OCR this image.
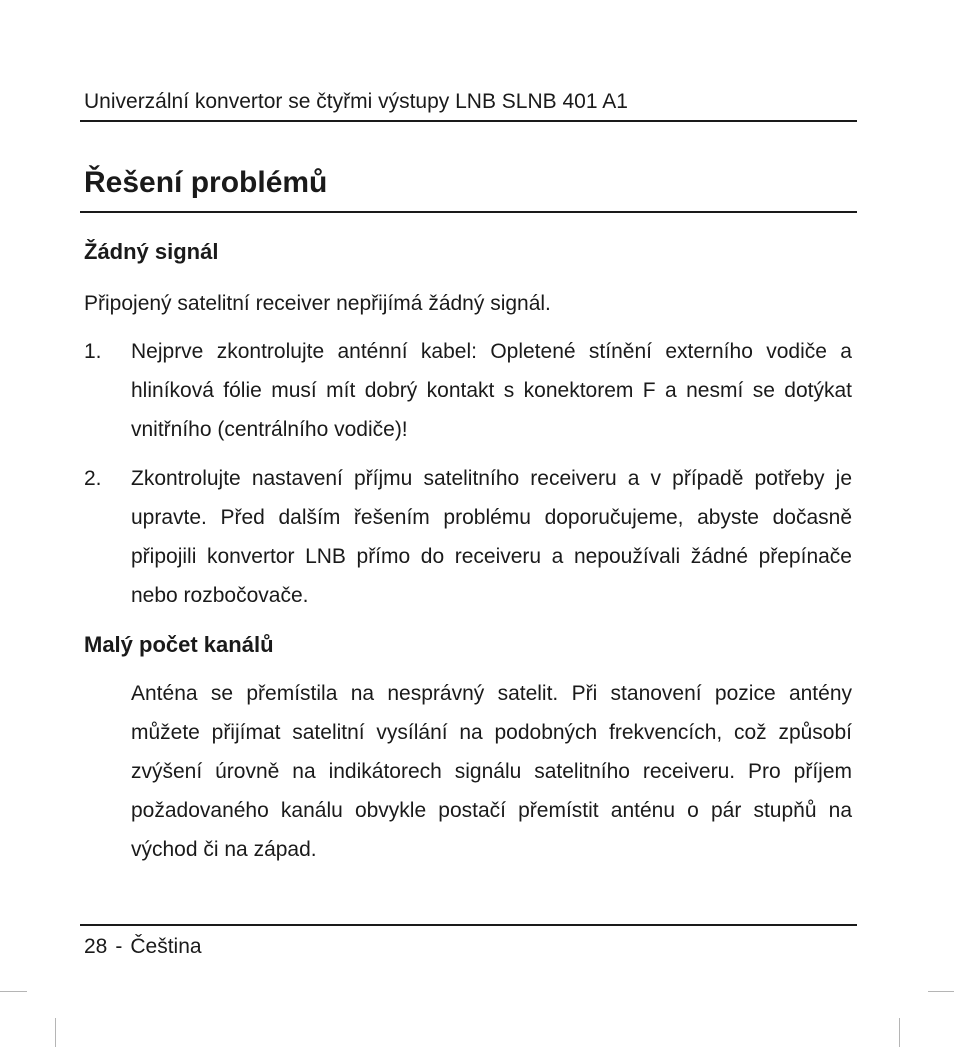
Univerzální konvertor se čtyřmi výstupy LNB SLNB 401 A1
Řešení problémů
Žádný signál

Připojený satelitní receiver nepřijímá žádný signál.

1. Nejprve zkontrolujte anténní kabel: Opletené stínění externího vodiče a hliníková fólie musí mít dobrý kontakt s konektorem F a nesmí se dotýkat vnitřního (centrálního vodiče)!
2. Zkontrolujte nastavení příjmu satelitního receiveru a v případě potřeby je upravte. Před dalším řešením problému doporučujeme, abyste dočasně připojili konvertor LNB přímo do receiveru a nepoužívali žádné přepínače nebo rozbočovače.
Malý počet kanálů

Anténa se přemístila na nesprávný satelit. Při stanovení pozice antény můžete přijímat satelitní vysílání na podobných frekvencích, což způsobí zvýšení úrovně na indikátorech signálu satelitního receiveru. Pro příjem požadovaného kanálu obvykle postačí přemístit anténu o pár stupňů na východ či na západ.

28 - Čeština
